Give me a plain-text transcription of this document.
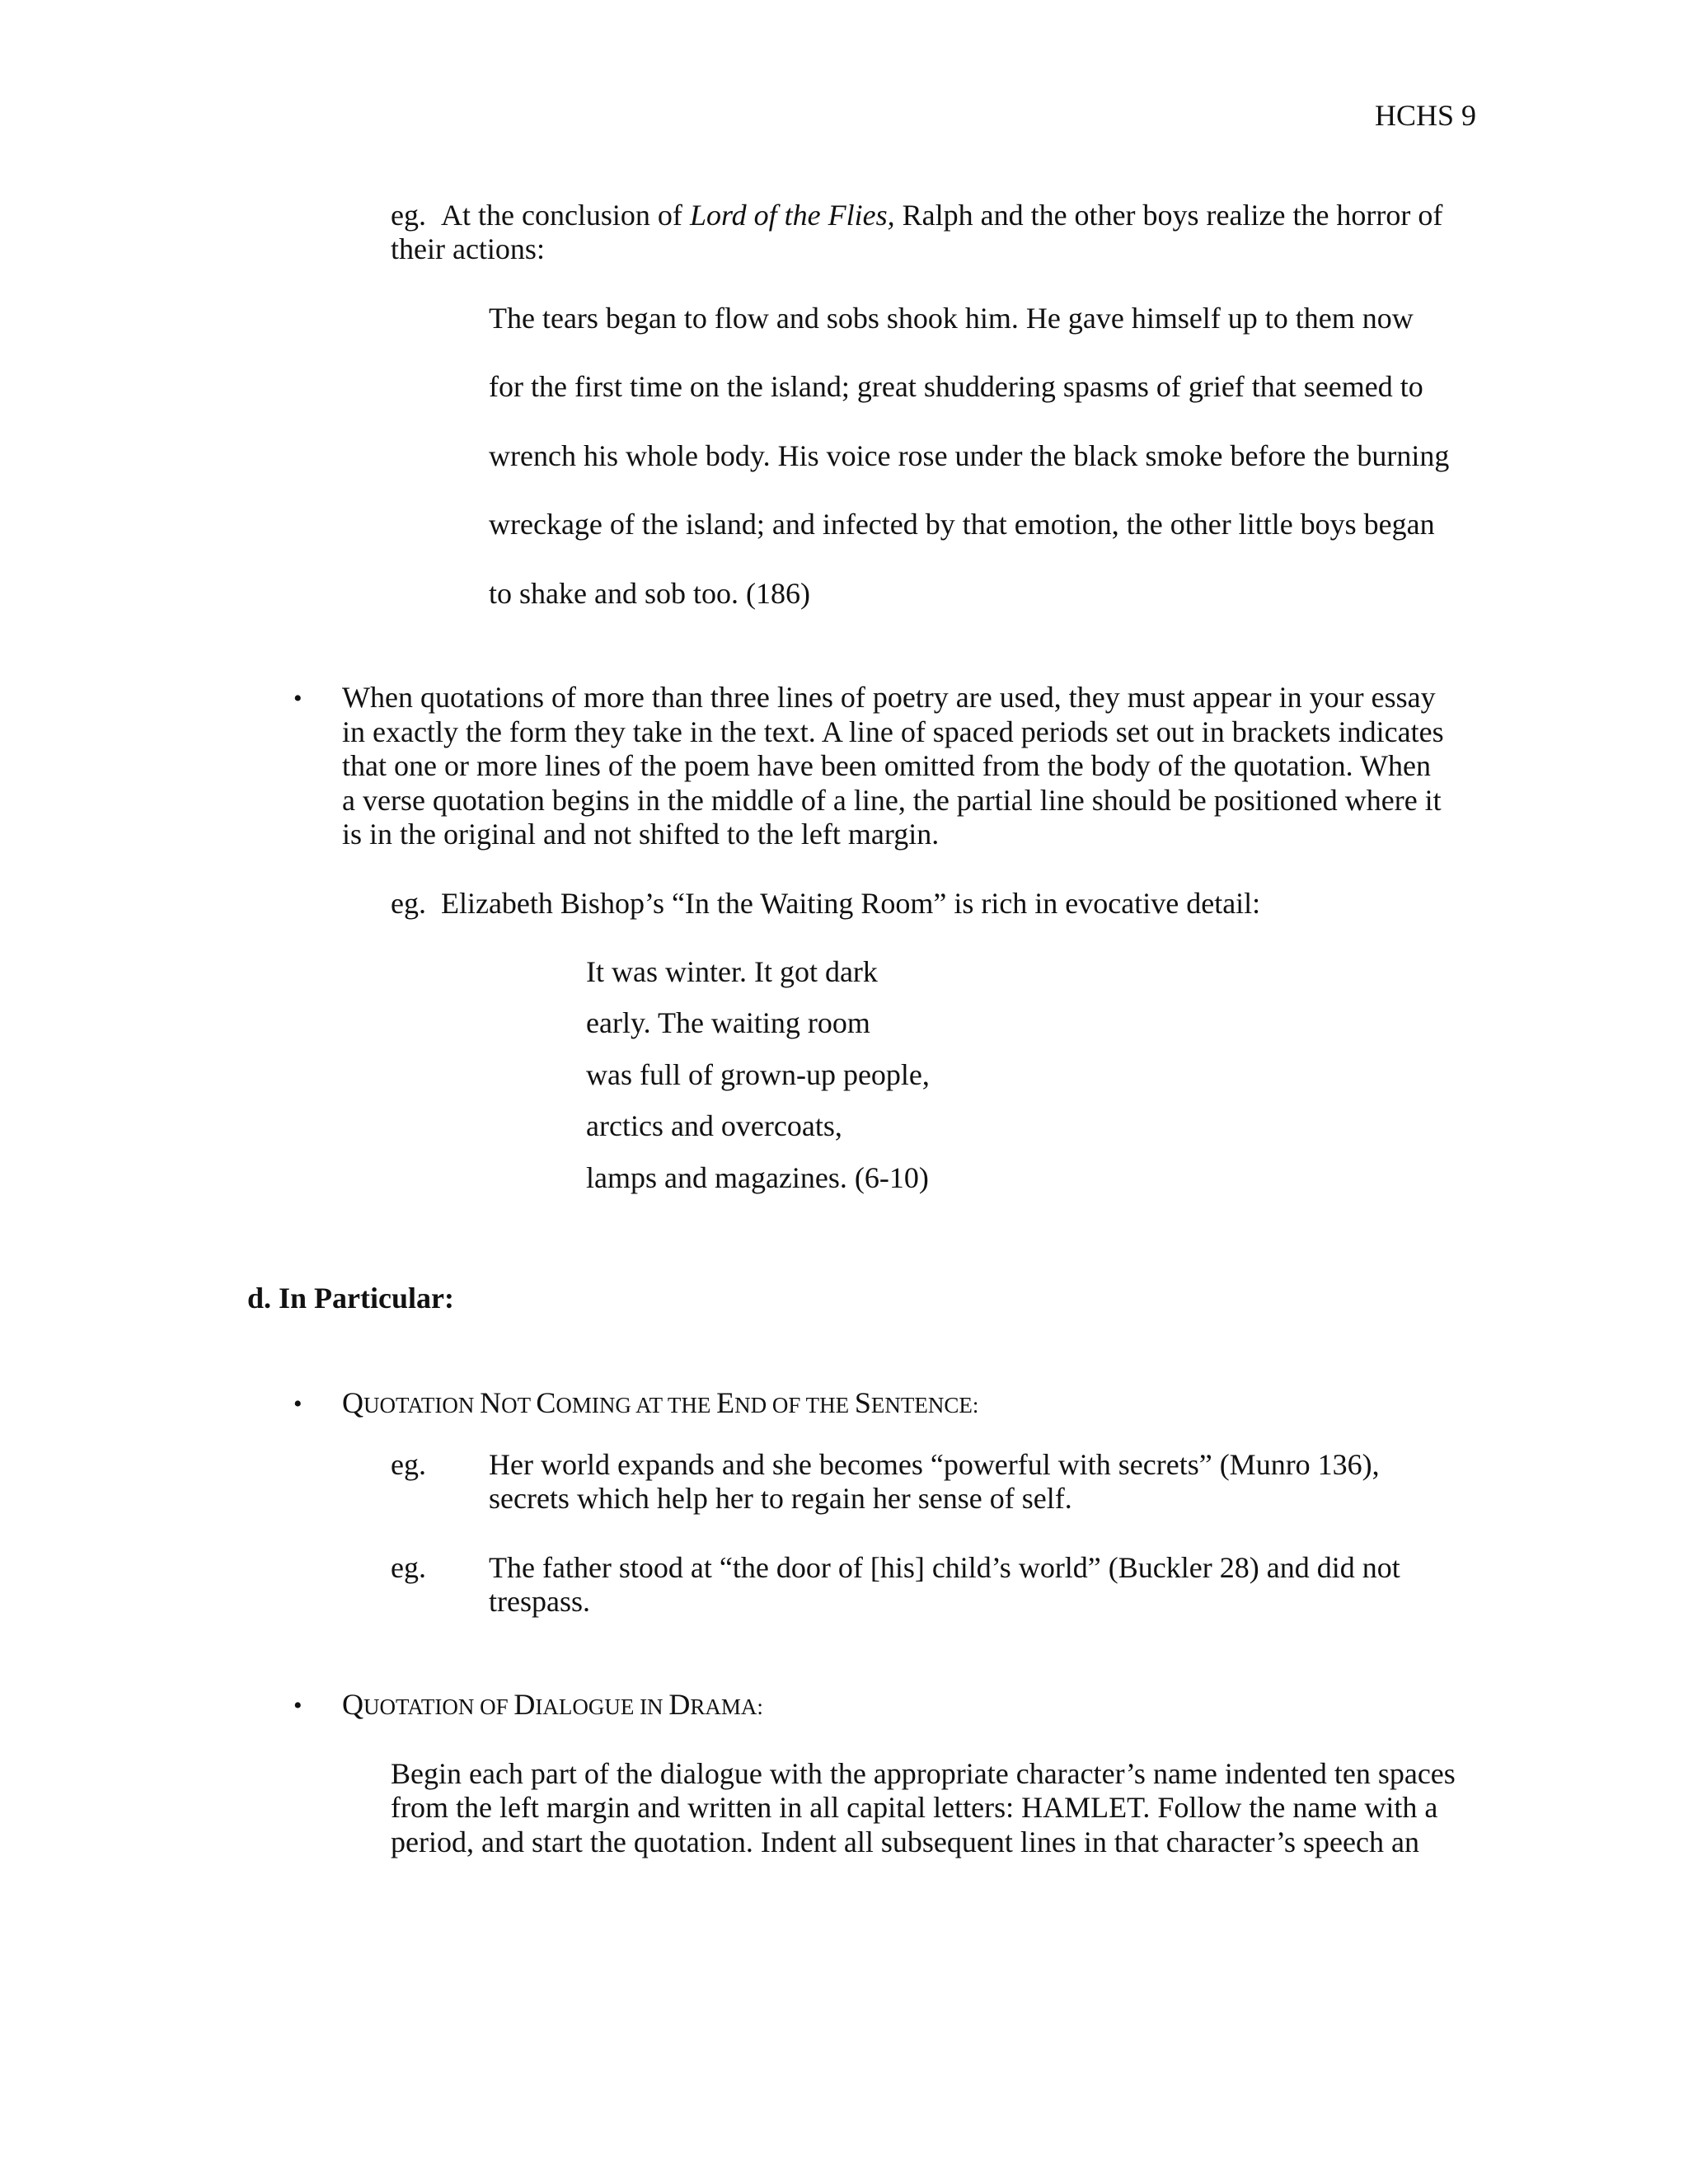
HCHS 9
eg. At the conclusion of Lord of the Flies, Ralph and the other boys realize the horror of
their actions:
The tears began to flow and sobs shook him. He gave himself up to them now
for the first time on the island; great shuddering spasms of grief that seemed to
wrench his whole body. His voice rose under the black smoke before the burning
wreckage of the island; and infected by that emotion, the other little boys began
to shake and sob too. (186)
• When quotations of more than three lines of poetry are used, they must appear in your essay
in exactly the form they take in the text. A line of spaced periods set out in brackets indicates
that one or more lines of the poem have been omitted from the body of the quotation. When
a verse quotation begins in the middle of a line, the partial line should be positioned where it
is in the original and not shifted to the left margin.
eg. Elizabeth Bishop’s “In the Waiting Room” is rich in evocative detail:
It was winter. It got dark
early. The waiting room
was full of grown-up people,
arctics and overcoats,
lamps and magazines. (6-10)
d. In Particular:
• QUOTATION NOT COMING AT THE END OF THE SENTENCE:
eg. Her world expands and she becomes “powerful with secrets” (Munro 136),
secrets which help her to regain her sense of self.
eg. The father stood at “the door of [his] child’s world” (Buckler 28) and did not
trespass.
• QUOTATION OF DIALOGUE IN DRAMA:
Begin each part of the dialogue with the appropriate character’s name indented ten spaces
from the left margin and written in all capital letters: HAMLET. Follow the name with a
period, and start the quotation. Indent all subsequent lines in that character’s speech an
